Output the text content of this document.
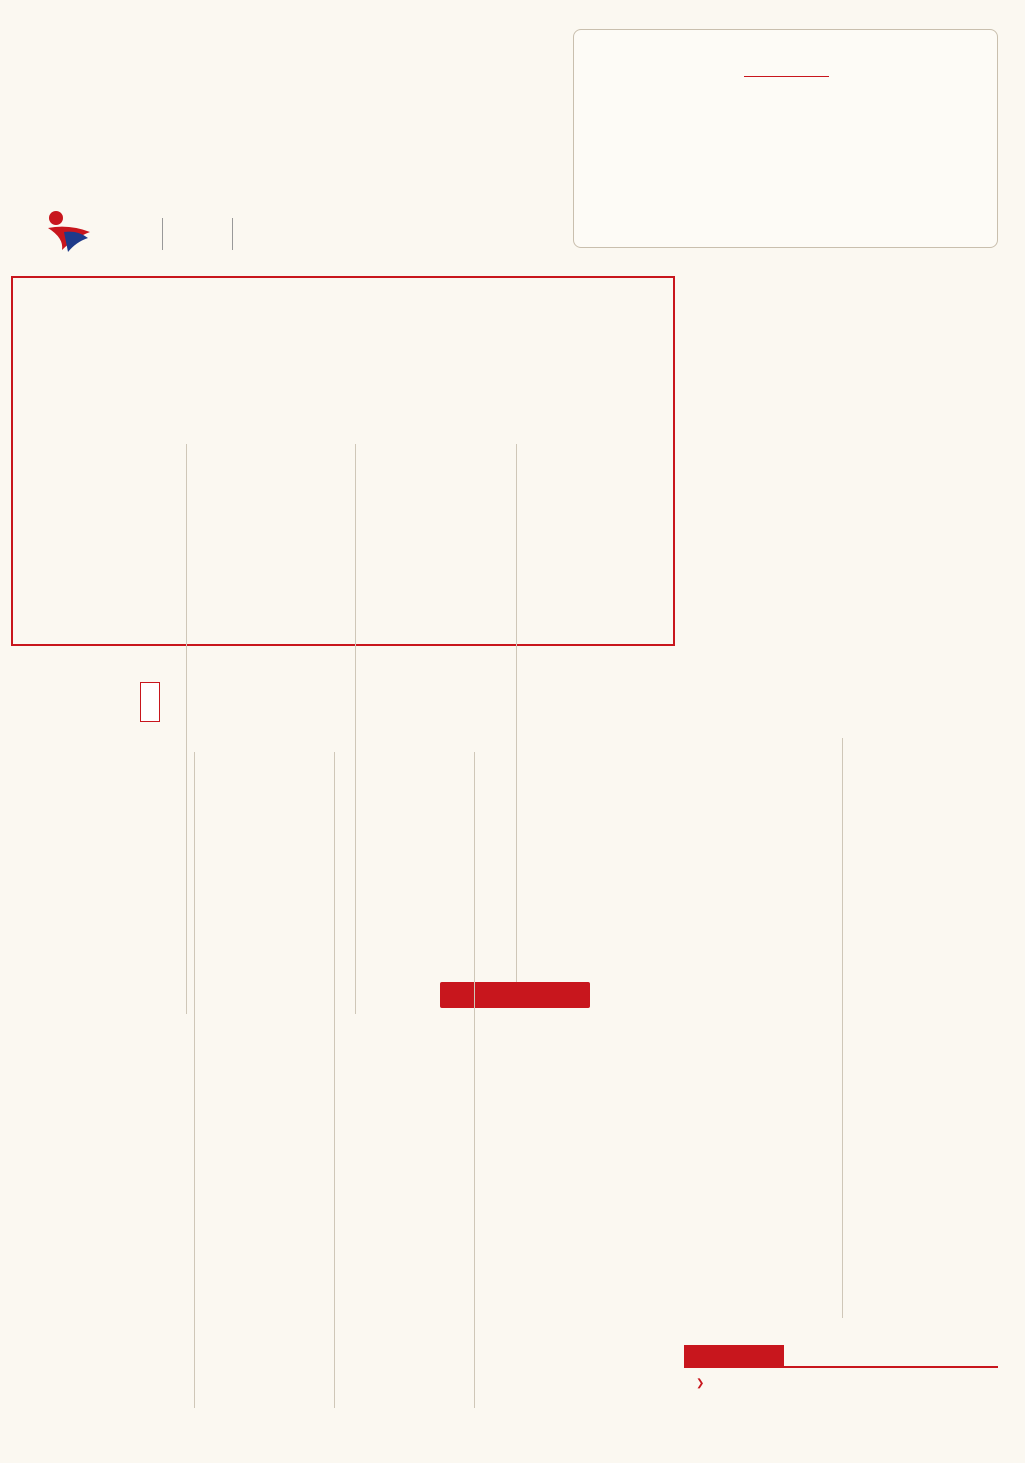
❯
